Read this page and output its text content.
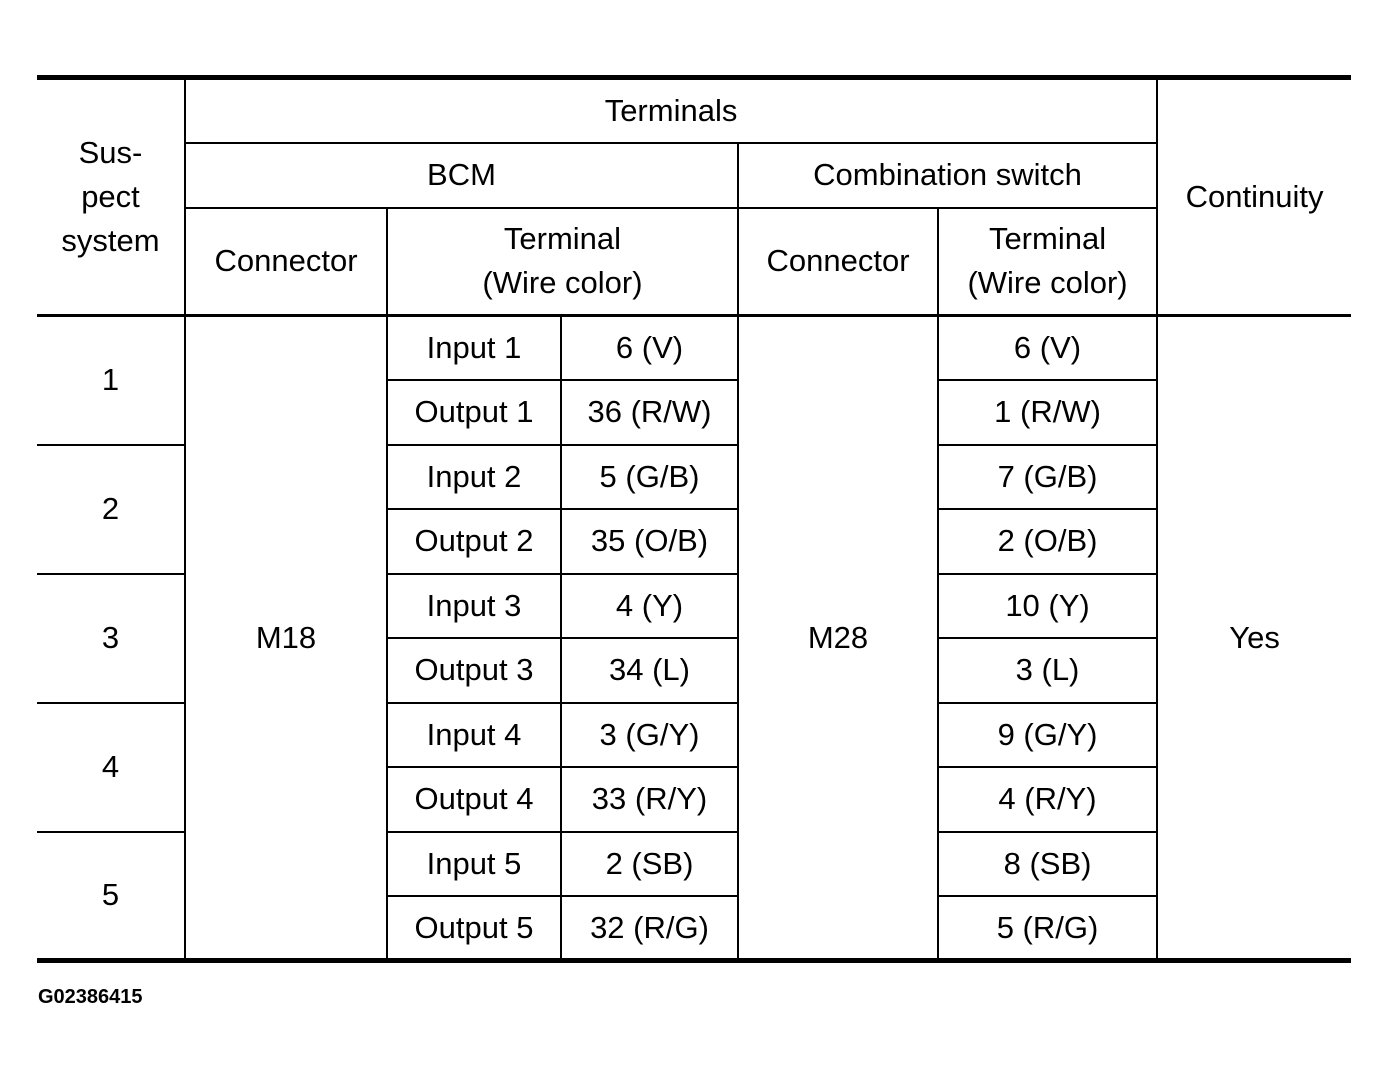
Sus-
pect
system	Terminals					Continuity
	BCM			Combination switch		
	Connector	Terminal
(Wire color)		Connector	Terminal
(Wire color)	
1	M18	Input 1	6 (V)	M28	6 (V)	Yes
		Output 1	36 (R/W)		1 (R/W)	
2		Input 2	5 (G/B)		7 (G/B)	
		Output 2	35 (O/B)		2 (O/B)	
3		Input 3	4 (Y)		10 (Y)	
		Output 3	34 (L)		3 (L)	
4		Input 4	3 (G/Y)		9 (G/Y)	
		Output 4	33 (R/Y)		4 (R/Y)	
5		Input 5	2 (SB)		8 (SB)	
		Output 5	32 (R/G)		5 (R/G)	
G02386415
